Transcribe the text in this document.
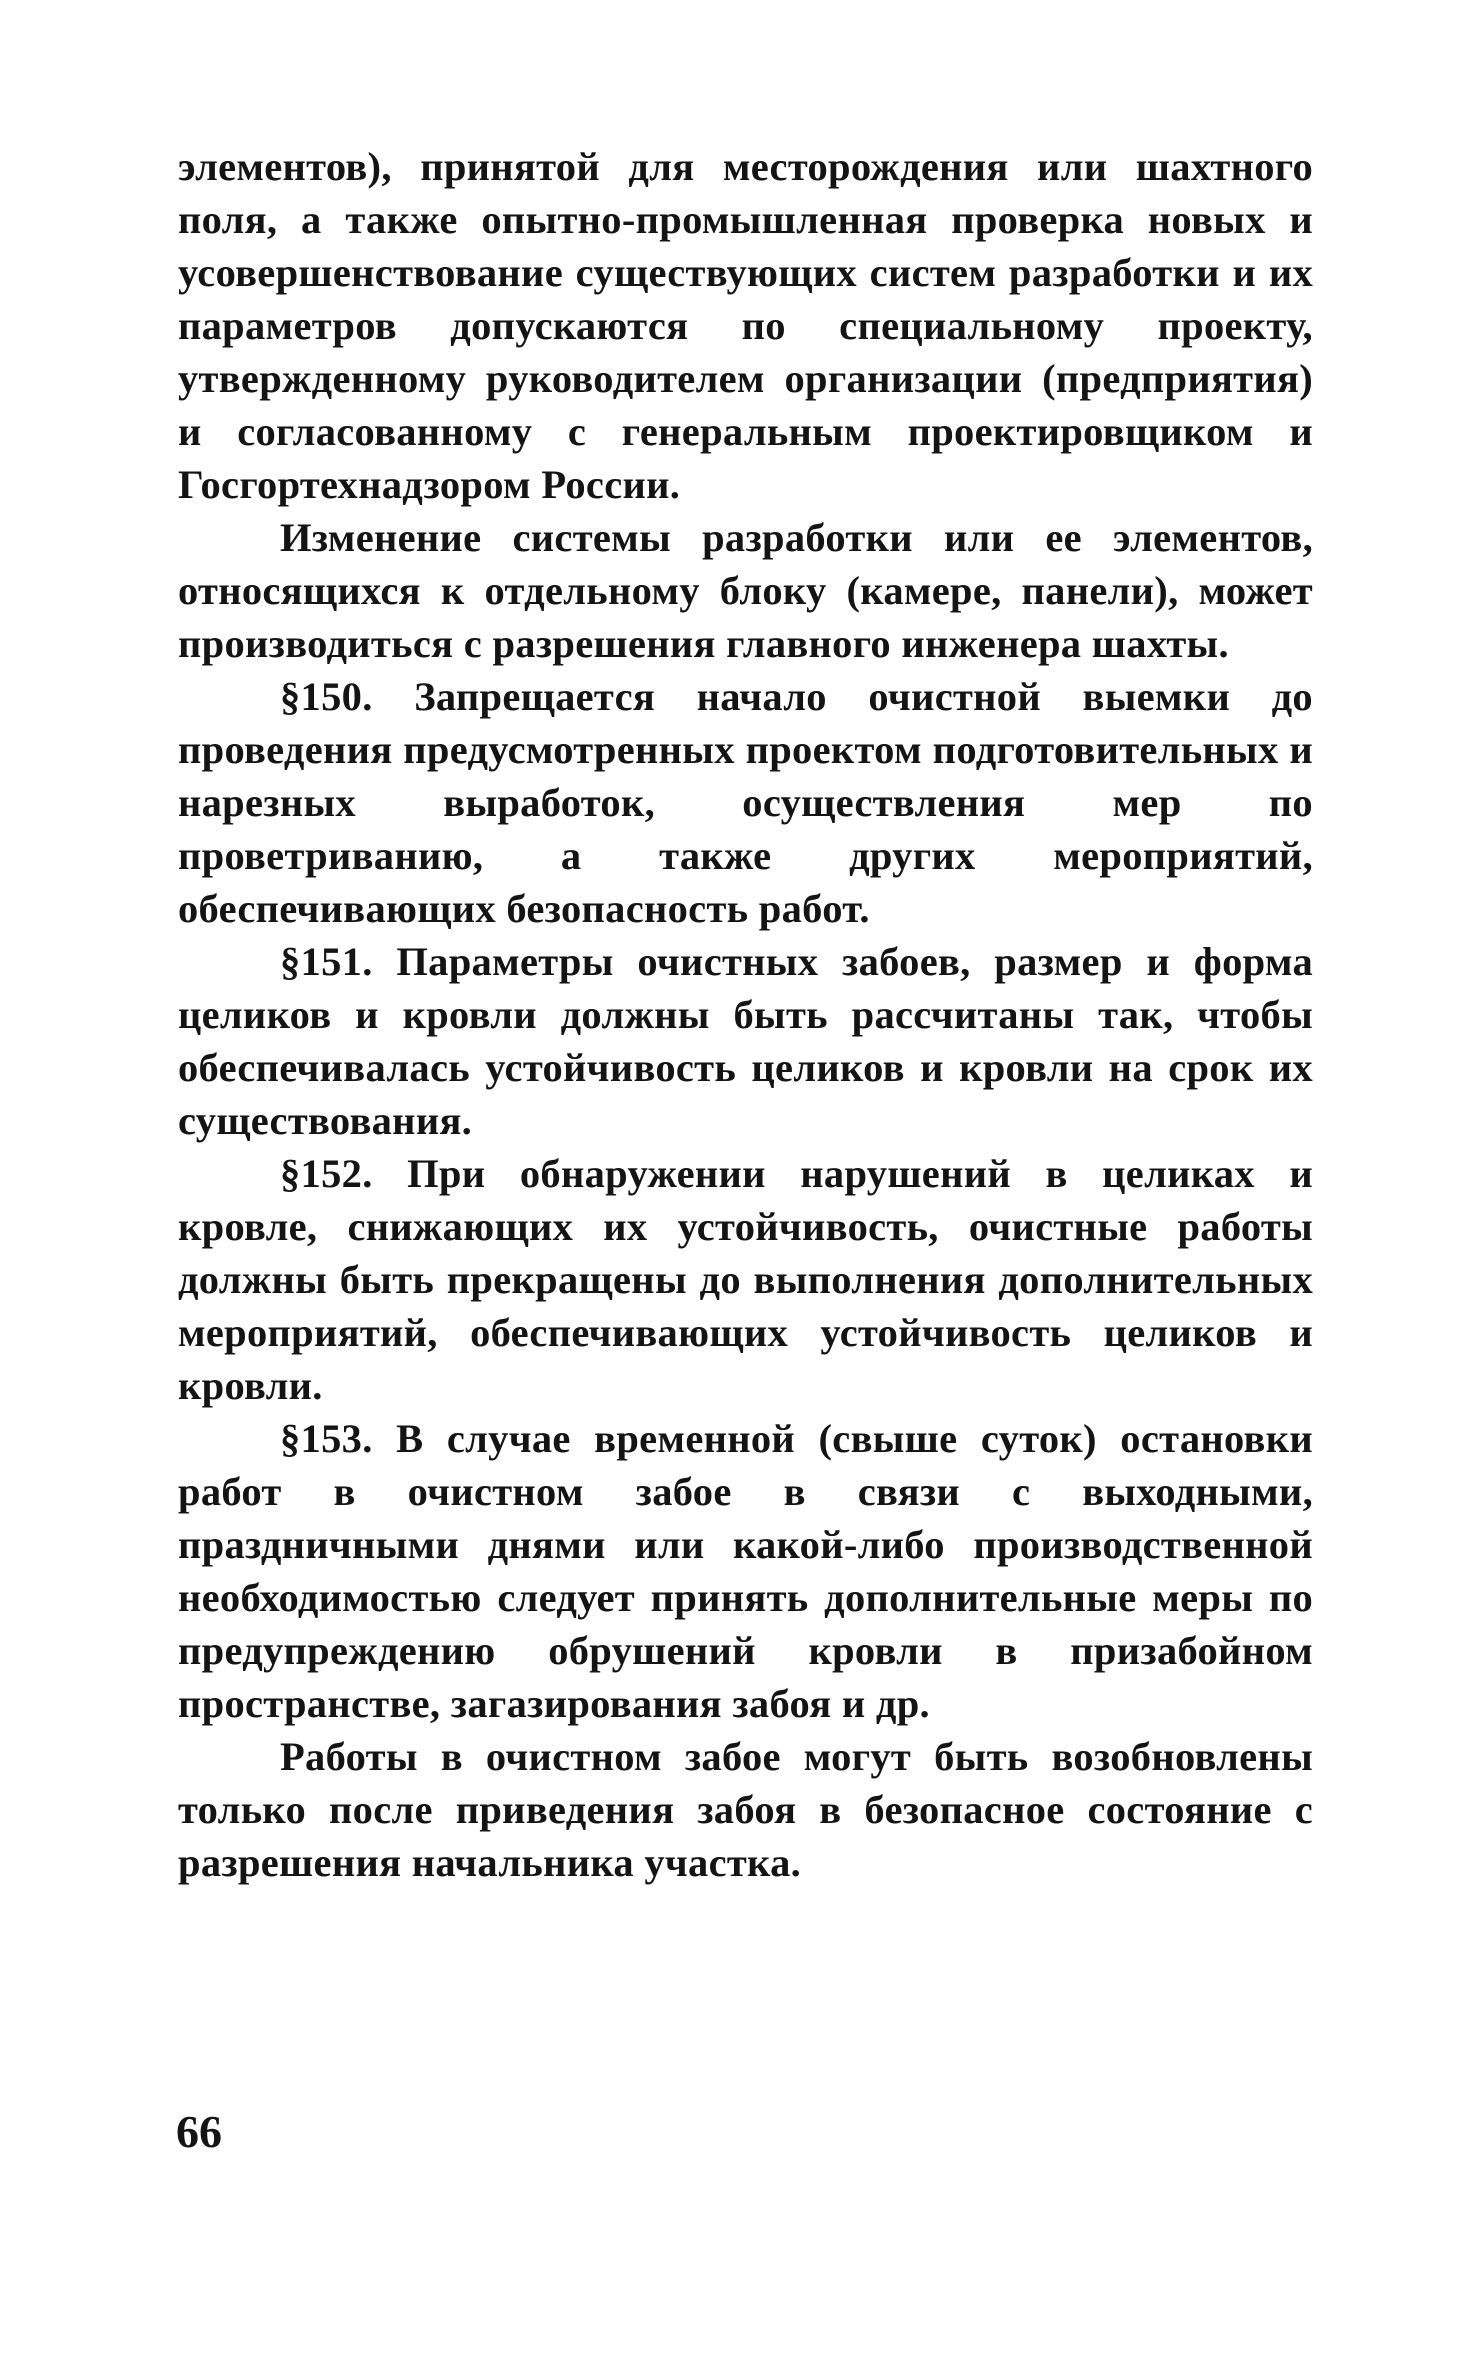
элементов), принятой для месторождения или шахтного поля, а также опытно-промышленная проверка новых и усовершенствование существующих систем разработки и их параметров допускаются по специальному проекту, утвержденному руководителем организации (предприятия) и согласованному с генеральным проектировщиком и Госгортехнадзором России.

Изменение системы разработки или ее элементов, относящихся к отдельному блоку (камере, панели), может производиться с разрешения главного инженера шахты.

§150. Запрещается начало очистной выемки до проведения предусмотренных проектом подготовительных и нарезных выработок, осуществления мер по проветриванию, а также других мероприятий, обеспечивающих безопасность работ.

§151. Параметры очистных забоев, размер и форма целиков и кровли должны быть рассчитаны так, чтобы обеспечивалась устойчивость целиков и кровли на срок их существования.

§152. При обнаружении нарушений в целиках и кровле, снижающих их устойчивость, очистные работы должны быть прекращены до выполнения дополнительных мероприятий, обеспечивающих устойчивость целиков и кровли.

§153. В случае временной (свыше суток) остановки работ в очистном забое в связи с выходными, праздничными днями или какой-либо производственной необходимостью следует принять дополнительные меры по предупреждению обрушений кровли в призабойном пространстве, загазирования забоя и др.

Работы в очистном забое могут быть возобновлены только после приведения забоя в безопасное состояние с разрешения начальника участка.

66
